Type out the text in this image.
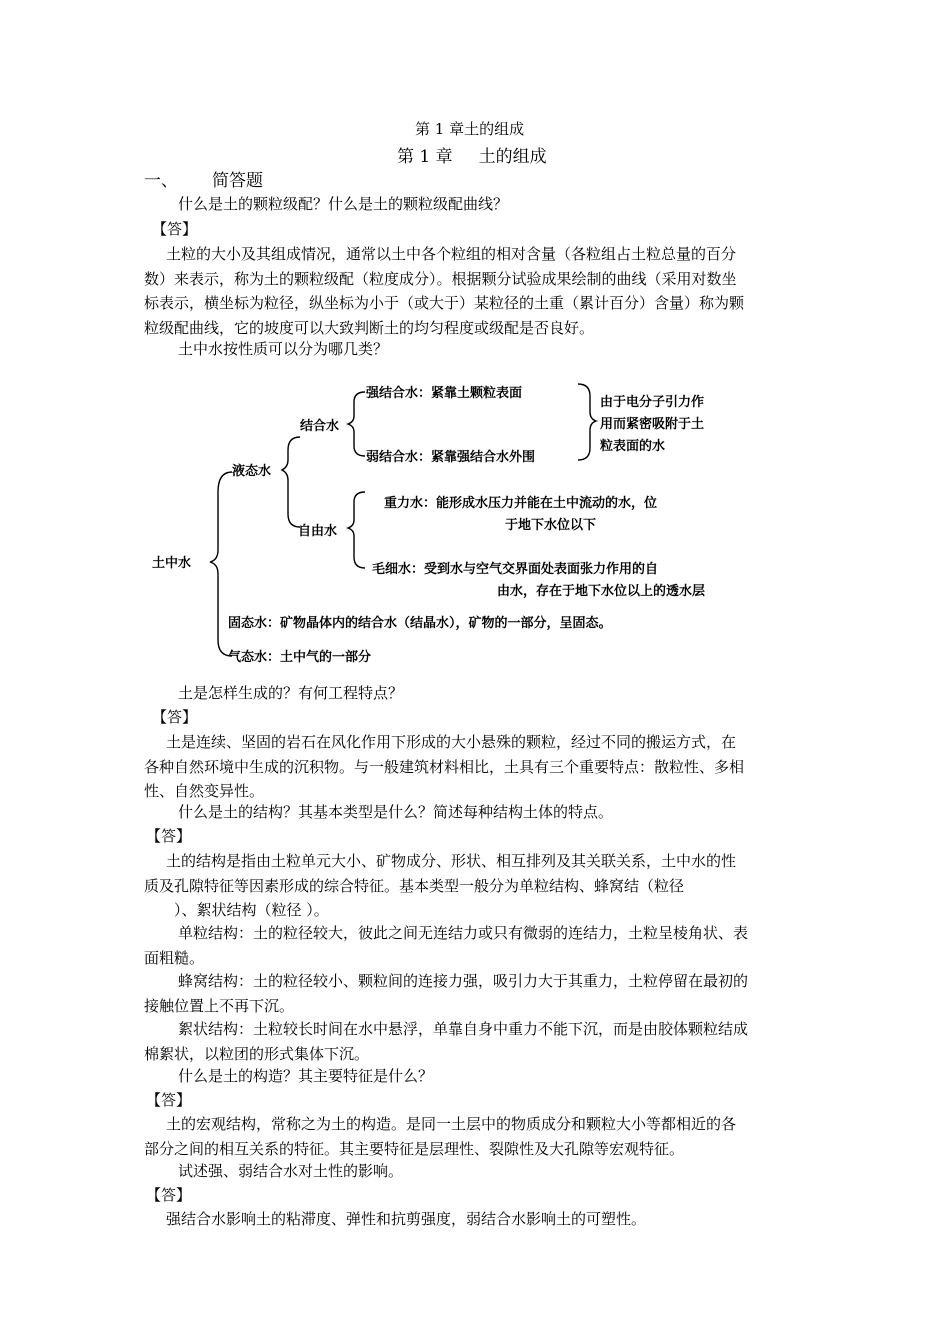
第 1 章土的组成
第 1 章 土的组成
一、 简答题
什么是土的颗粒级配？什么是土的颗粒级配曲线？
【答】
土粒的大小及其组成情况，通常以土中各个粒组的相对含量（各粒组占土粒总量的百分
数）来表示，称为土的颗粒级配（粒度成分）。根据颗分试验成果绘制的曲线（采用对数坐
标表示，横坐标为粒径，纵坐标为小于（或大于）某粒径的土重（累计百分）含量）称为颗
粒级配曲线，它的坡度可以大致判断土的均匀程度或级配是否良好。
土中水按性质可以分为哪几类？
土中水
液态水
结合水
强结合水：紧靠土颗粒表面
弱结合水：紧靠强结合水外围
由于电分子引力作
用而紧密吸附于土
粒表面的水
自由水
重力水：能形成水压力并能在土中流动的水，位
于地下水位以下
毛细水：受到水与空气交界面处表面张力作用的自
由水，存在于地下水位以上的透水层
固态水：矿物晶体内的结合水（结晶水），矿物的一部分，呈固态。
气态水：土中气的一部分
土是怎样生成的？有何工程特点？
【答】
土是连续、坚固的岩石在风化作用下形成的大小悬殊的颗粒，经过不同的搬运方式，在
各种自然环境中生成的沉积物。与一般建筑材料相比，土具有三个重要特点：散粒性、多相
性、自然变异性。
什么是土的结构？其基本类型是什么？简述每种结构土体的特点。
【答】
土的结构是指由土粒单元大小、矿物成分、形状、相互排列及其关联关系，土中水的性
质及孔隙特征等因素形成的综合特征。基本类型一般分为单粒结构、蜂窝结（粒径
）、絮状结构（粒径 ）。
单粒结构：土的粒径较大，彼此之间无连结力或只有微弱的连结力，土粒呈棱角状、表
面粗糙。
蜂窝结构：土的粒径较小、颗粒间的连接力强，吸引力大于其重力，土粒停留在最初的
接触位置上不再下沉。
絮状结构：土粒较长时间在水中悬浮，单靠自身中重力不能下沉，而是由胶体颗粒结成
棉絮状，以粒团的形式集体下沉。
什么是土的构造？其主要特征是什么？
【答】
土的宏观结构，常称之为土的构造。是同一土层中的物质成分和颗粒大小等都相近的各
部分之间的相互关系的特征。其主要特征是层理性、裂隙性及大孔隙等宏观特征。
试述强、弱结合水对土性的影响。
【答】
强结合水影响土的粘滞度、弹性和抗剪强度，弱结合水影响土的可塑性。
